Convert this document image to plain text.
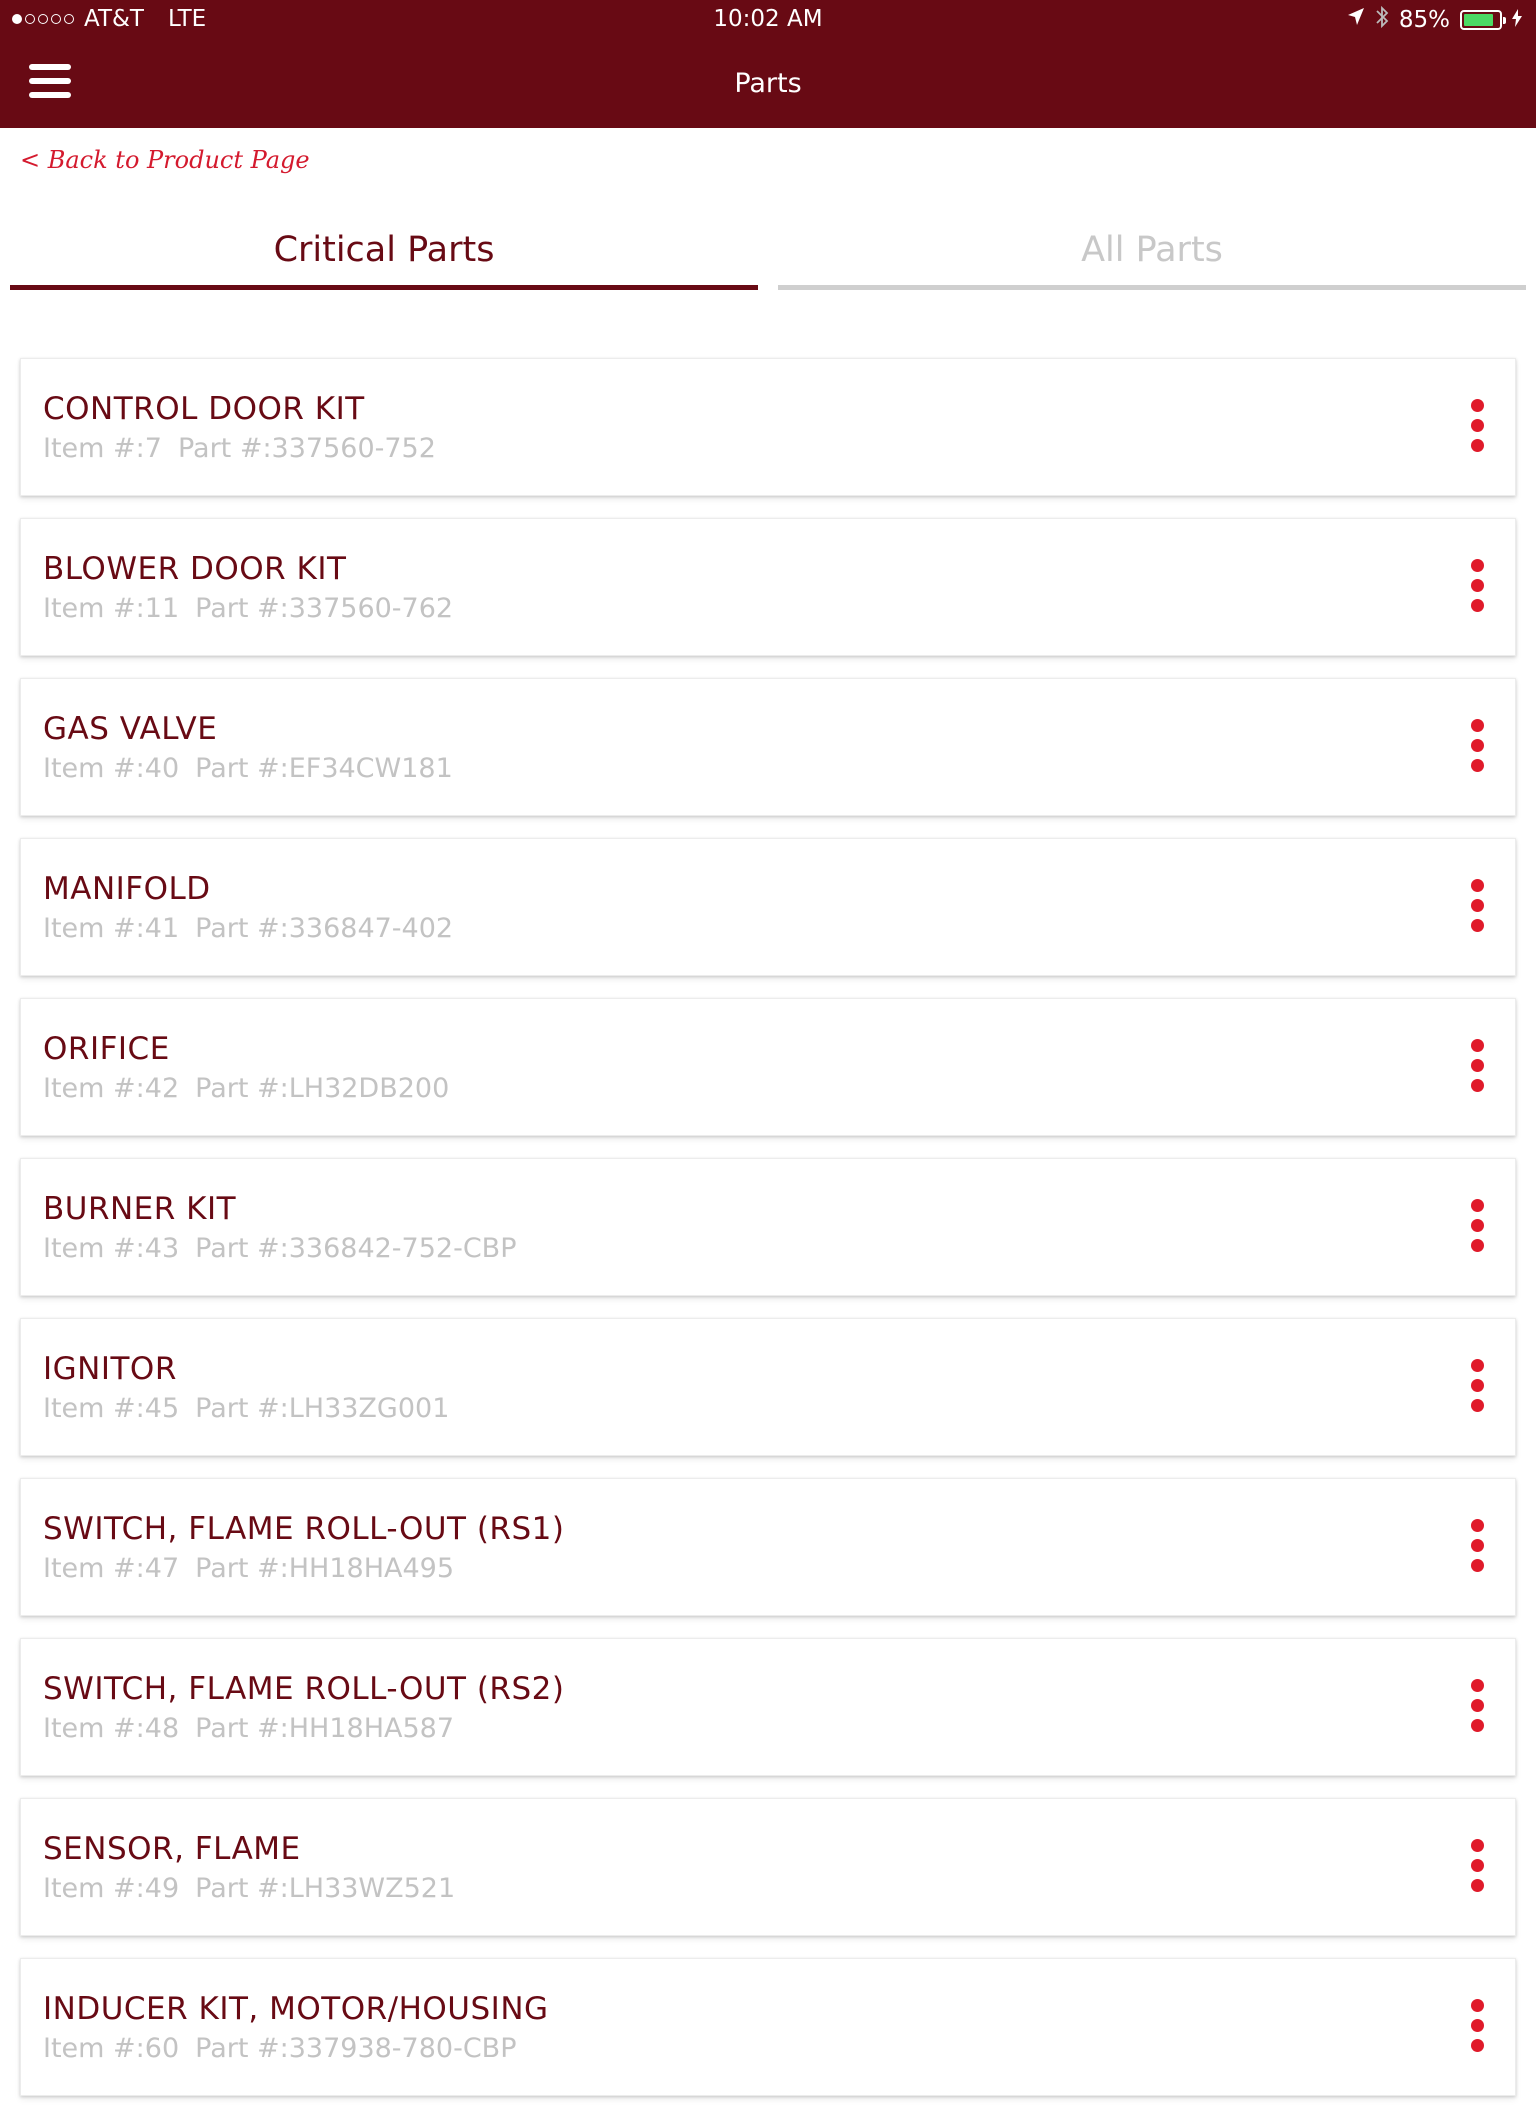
AT&T LTE	10:02 AM	85%
Parts
< Back to Product Page
Critical Parts	All Parts
CONTROL DOOR KIT
Item #:7 Part #:337560-752
BLOWER DOOR KIT
Item #:11 Part #:337560-762
GAS VALVE
Item #:40 Part #:EF34CW181
MANIFOLD
Item #:41 Part #:336847-402
ORIFICE
Item #:42 Part #:LH32DB200
BURNER KIT
Item #:43 Part #:336842-752-CBP
IGNITOR
Item #:45 Part #:LH33ZG001
SWITCH, FLAME ROLL-OUT (RS1)
Item #:47 Part #:HH18HA495
SWITCH, FLAME ROLL-OUT (RS2)
Item #:48 Part #:HH18HA587
SENSOR, FLAME
Item #:49 Part #:LH33WZ521
INDUCER KIT, MOTOR/HOUSING
Item #:60 Part #:337938-780-CBP
